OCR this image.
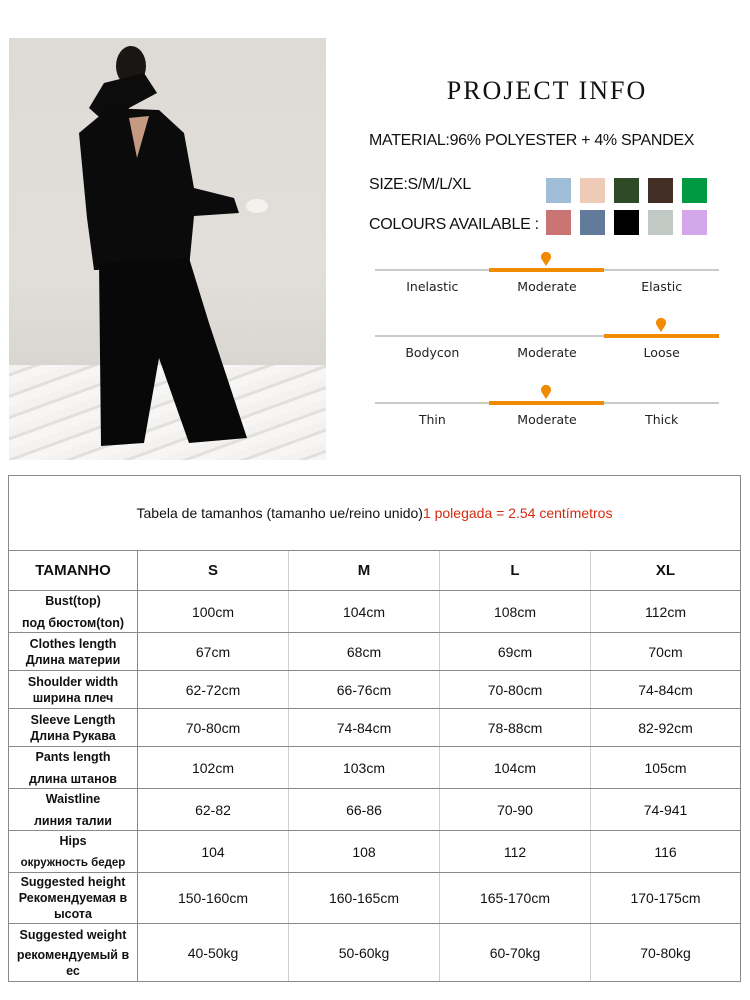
PROJECT INFO
MATERIAL:96% POLYESTER + 4% SPANDEX
SIZE:S/M/L/XL
COLOURS AVAILABLE :
Inelastic	Moderate	Elastic
Bodycon	Moderate	Loose
Thin	Moderate	Thick
Tabela de tamanhos (tamanho ue/reino unido)1 polegada = 2.54 centímetros				
TAMANHO	S	M	L	XL

Bust(top)
под бюстом(ton)	100cm	104cm	108cm	112cm

Clothes length
Длина материи	67cm	68cm	69cm	70cm

Shoulder width
ширина плеч	62-72cm	66-76cm	70-80cm	74-84cm

Sleeve Length
Длина Рукава	70-80cm	74-84cm	78-88cm	82-92cm

Pants length
длина штанов	102cm	103cm	104cm	105cm

Waistline
линия талии	62-82	66-86	70-90	74-941

Hips
окружность бедер	104	108	112	116

Suggested height
Рекомендуемая в ысота	150-160cm	160-165cm	165-170cm	170-175cm

Suggested weight
рекомендуемый в ес	40-50kg	50-60kg	60-70kg	70-80kg
